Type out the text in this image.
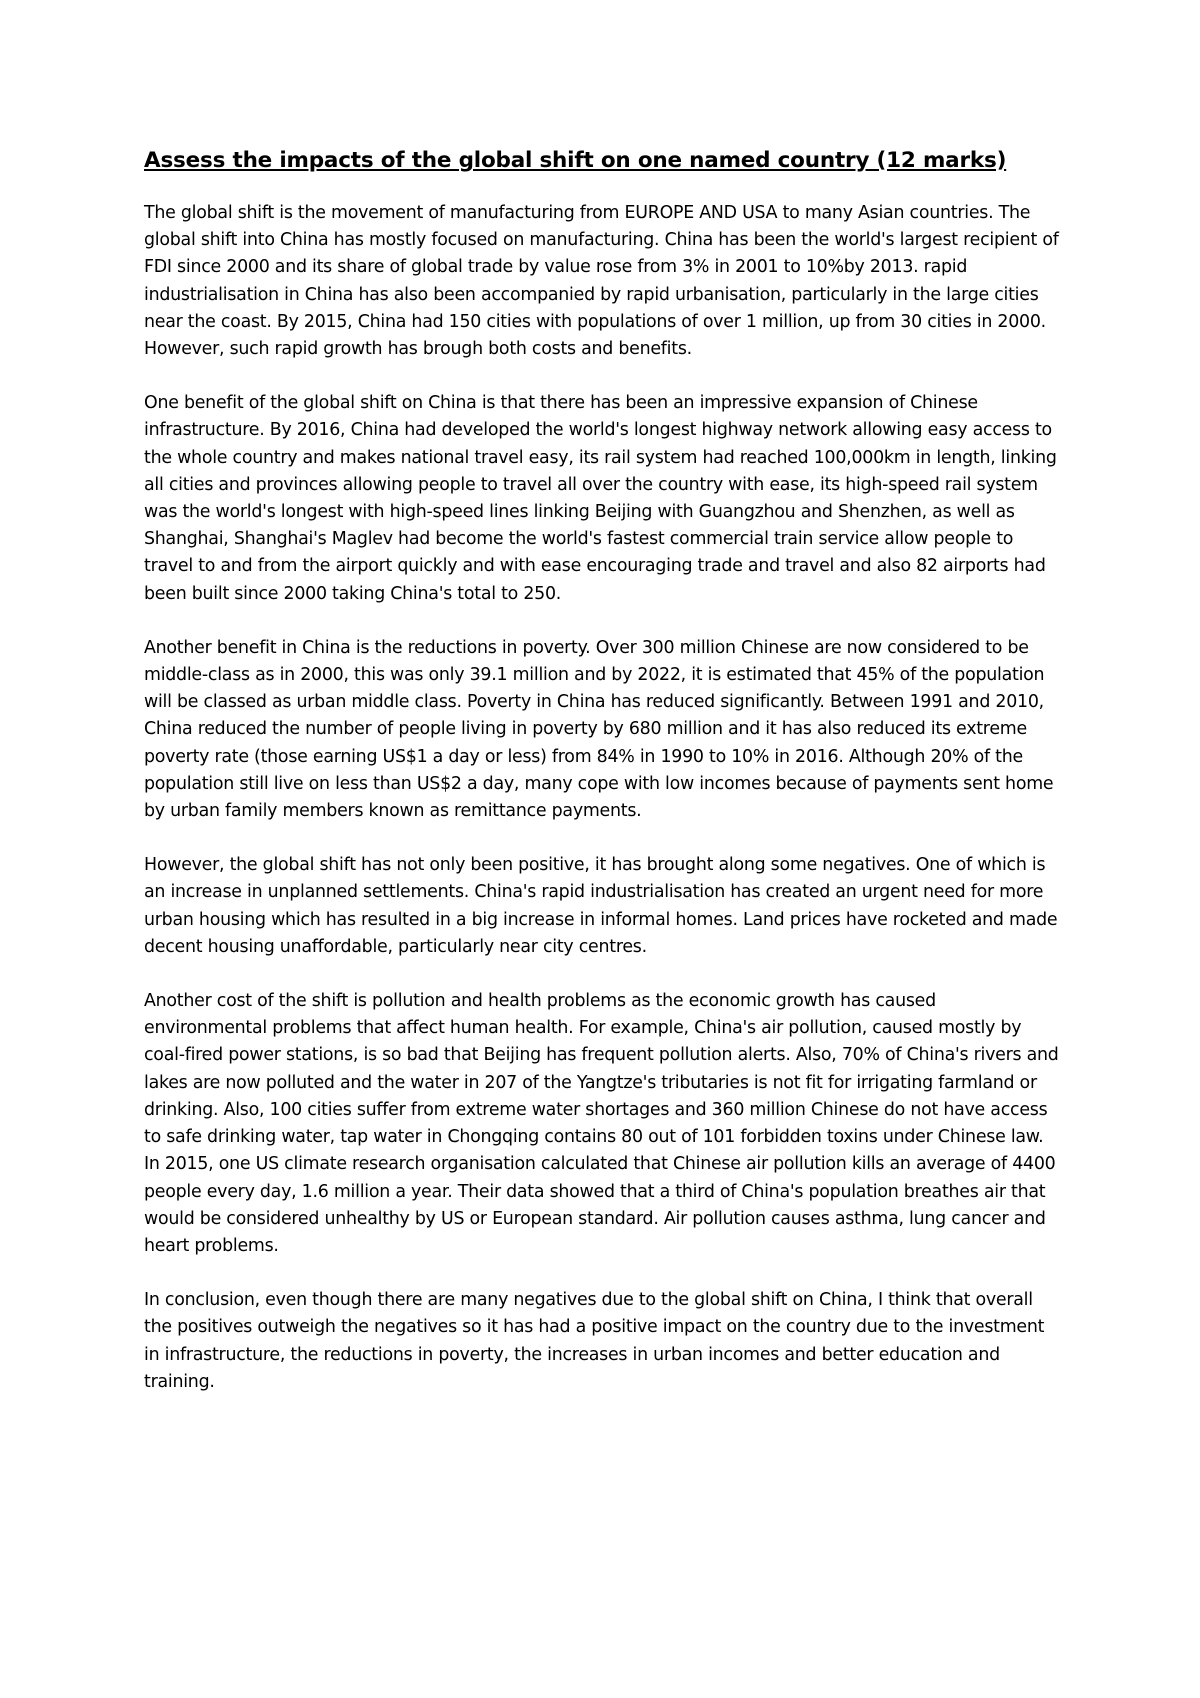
Assess the impacts of the global shift on one named country (12 marks)

The global shift is the movement of manufacturing from EUROPE AND USA to many Asian countries. The global shift into China has mostly focused on manufacturing. China has been the world's largest recipient of FDI since 2000 and its share of global trade by value rose from 3% in 2001 to 10%by 2013. rapid industrialisation in China has also been accompanied by rapid urbanisation, particularly in the large cities near the coast. By 2015, China had 150 cities with populations of over 1 million, up from 30 cities in 2000. However, such rapid growth has brough both costs and benefits.

One benefit of the global shift on China is that there has been an impressive expansion of Chinese infrastructure. By 2016, China had developed the world's longest highway network allowing easy access to the whole country and makes national travel easy, its rail system had reached 100,000km in length, linking all cities and provinces allowing people to travel all over the country with ease, its high-speed rail system was the world's longest with high-speed lines linking Beijing with Guangzhou and Shenzhen, as well as Shanghai, Shanghai's Maglev had become the world's fastest commercial train service allow people to travel to and from the airport quickly and with ease encouraging trade and travel and also 82 airports had been built since 2000 taking China's total to 250.

Another benefit in China is the reductions in poverty. Over 300 million Chinese are now considered to be middle-class as in 2000, this was only 39.1 million and by 2022, it is estimated that 45% of the population will be classed as urban middle class. Poverty in China has reduced significantly. Between 1991 and 2010, China reduced the number of people living in poverty by 680 million and it has also reduced its extreme poverty rate (those earning US$1 a day or less) from 84% in 1990 to 10% in 2016. Although 20% of the population still live on less than US$2 a day, many cope with low incomes because of payments sent home by urban family members known as remittance payments.

However, the global shift has not only been positive, it has brought along some negatives. One of which is an increase in unplanned settlements. China's rapid industrialisation has created an urgent need for more urban housing which has resulted in a big increase in informal homes. Land prices have rocketed and made decent housing unaffordable, particularly near city centres.

Another cost of the shift is pollution and health problems as the economic growth has caused environmental problems that affect human health. For example, China's air pollution, caused mostly by coal-fired power stations, is so bad that Beijing has frequent pollution alerts. Also, 70% of China's rivers and lakes are now polluted and the water in 207 of the Yangtze's tributaries is not fit for irrigating farmland or drinking. Also, 100 cities suffer from extreme water shortages and 360 million Chinese do not have access to safe drinking water, tap water in Chongqing contains 80 out of 101 forbidden toxins under Chinese law. In 2015, one US climate research organisation calculated that Chinese air pollution kills an average of 4400 people every day, 1.6 million a year. Their data showed that a third of China's population breathes air that would be considered unhealthy by US or European standard. Air pollution causes asthma, lung cancer and heart problems.

In conclusion, even though there are many negatives due to the global shift on China, I think that overall the positives outweigh the negatives so it has had a positive impact on the country due to the investment in infrastructure, the reductions in poverty, the increases in urban incomes and better education and training.
